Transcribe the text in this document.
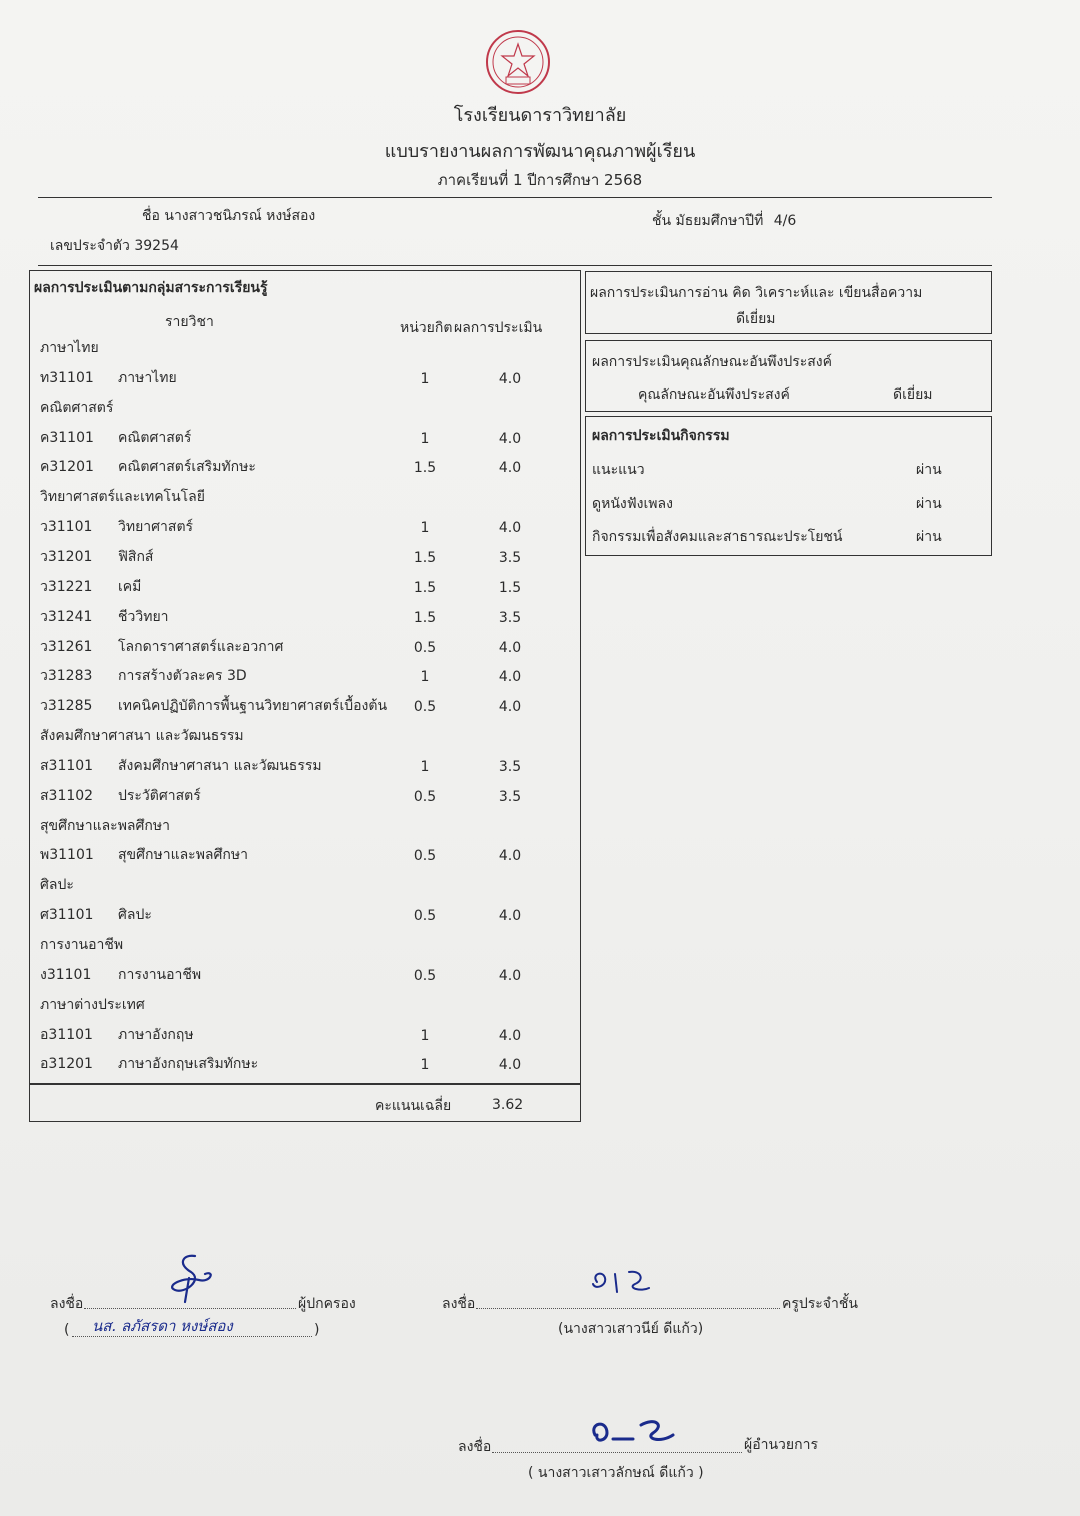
โรงเรียนดาราวิทยาลัย
แบบรายงานผลการพัฒนาคุณภาพผู้เรียน
ภาคเรียนที่ 1 ปีการศึกษา 2568
ชื่อ นางสาวชนิภรณ์ หงษ์สอง	ชั้น มัธยมศึกษาปีที่ 4/6
เลขประจำตัว 39254
ผลการประเมินตามกลุ่มสาระการเรียนรู้
รายวิชา	หน่วยกิต ผลการประเมิน
ภาษาไทย
ท31101	ภาษาไทย	1	4.0
คณิตศาสตร์
ค31101	คณิตศาสตร์	1	4.0
ค31201	คณิตศาสตร์เสริมทักษะ	1.5	4.0
วิทยาศาสตร์และเทคโนโลยี
ว31101	วิทยาศาสตร์	1	4.0
ว31201	ฟิสิกส์	1.5	3.5
ว31221	เคมี	1.5	1.5
ว31241	ชีววิทยา	1.5	3.5
ว31261	โลกดาราศาสตร์และอวกาศ	0.5	4.0
ว31283	การสร้างตัวละคร 3D	1	4.0
ว31285	เทคนิคปฏิบัติการพื้นฐานวิทยาศาสตร์เบื้องต้น	0.5	4.0
สังคมศึกษาศาสนา และวัฒนธรรม
ส31101	สังคมศึกษาศาสนา และวัฒนธรรม	1	3.5
ส31102	ประวัติศาสตร์	0.5	3.5
สุขศึกษาและพลศึกษา
พ31101	สุขศึกษาและพลศึกษา	0.5	4.0
ศิลปะ
ศ31101	ศิลปะ	0.5	4.0
การงานอาชีพ
ง31101	การงานอาชีพ	0.5	4.0
ภาษาต่างประเทศ
อ31101	ภาษาอังกฤษ	1	4.0
อ31201	ภาษาอังกฤษเสริมทักษะ	1	4.0
คะแนนเฉลี่ย	3.62
ผลการประเมินการอ่าน คิด วิเคราะห์และ เขียนสื่อความ
ดีเยี่ยม
ผลการประเมินคุณลักษณะอันพึงประสงค์
คุณลักษณะอันพึงประสงค์	ดีเยี่ยม
ผลการประเมินกิจกรรม
แนะแนว	ผ่าน
ดูหนังฟังเพลง	ผ่าน
กิจกรรมเพื่อสังคมและสาธารณะประโยชน์	ผ่าน
ลงชื่อ	ผู้ปกครอง
( นส. ลภัสรดา หงษ์สอง	)
ลงชื่อ	ครูประจำชั้น
(นางสาวเสาวนีย์ ดีแก้ว)
ลงชื่อ	ผู้อำนวยการ
( นางสาวเสาวลักษณ์ ดีแก้ว )
